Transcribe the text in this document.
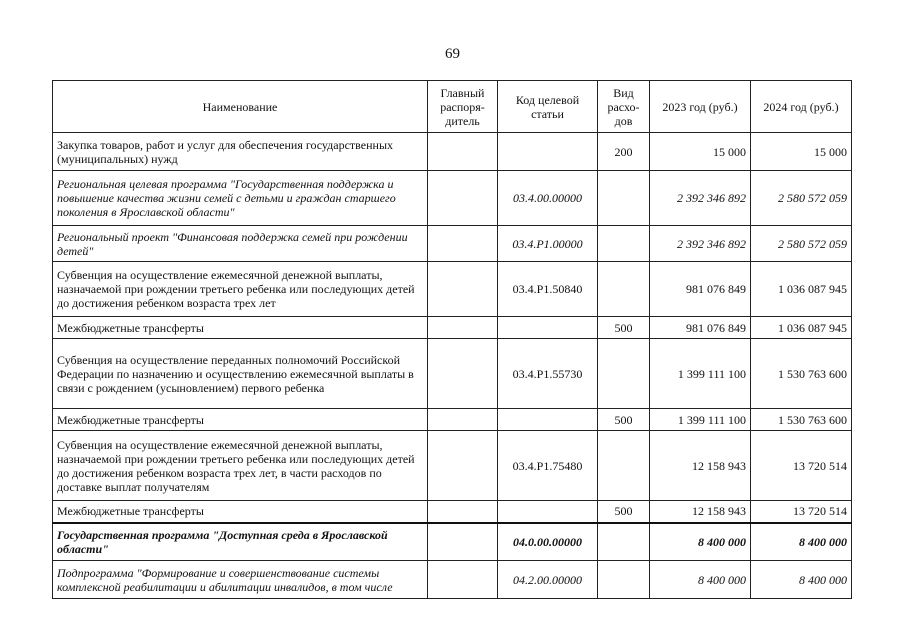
69
Наименование	Главный распоря-дитель	Код целевой статьи	Вид расхо-дов	2023 год (руб.)	2024 год (руб.)
Закупка товаров, работ и услуг для обеспечения государственных (муниципальных) нужд			200	15 000	15 000
Региональная целевая программа "Государственная поддержка и повышение качества жизни семей с детьми и граждан старшего поколения в Ярославской области"		03.4.00.00000		2 392 346 892	2 580 572 059
Региональный проект "Финансовая поддержка семей при рождении детей"		03.4.P1.00000		2 392 346 892	2 580 572 059
Субвенция на осуществление ежемесячной денежной выплаты, назначаемой при рождении третьего ребенка или последующих детей до достижения ребенком возраста трех лет		03.4.P1.50840		981 076 849	1 036 087 945
Межбюджетные трансферты			500	981 076 849	1 036 087 945
Субвенция на осуществление переданных полномочий Российской Федерации по назначению и осуществлению ежемесячной выплаты в связи с рождением (усыновлением) первого ребенка		03.4.P1.55730		1 399 111 100	1 530 763 600
Межбюджетные трансферты			500	1 399 111 100	1 530 763 600
Субвенция на осуществление ежемесячной денежной выплаты, назначаемой при рождении третьего ребенка или последующих детей до достижения ребенком возраста трех лет, в части расходов по доставке выплат получателям		03.4.P1.75480		12 158 943	13 720 514
Межбюджетные трансферты			500	12 158 943	13 720 514
Государственная программа "Доступная среда в Ярославской области"		04.0.00.00000		8 400 000	8 400 000
Подпрограмма "Формирование и совершенствование системы комплексной реабилитации и абилитации инвалидов, в том числе		04.2.00.00000		8 400 000	8 400 000
